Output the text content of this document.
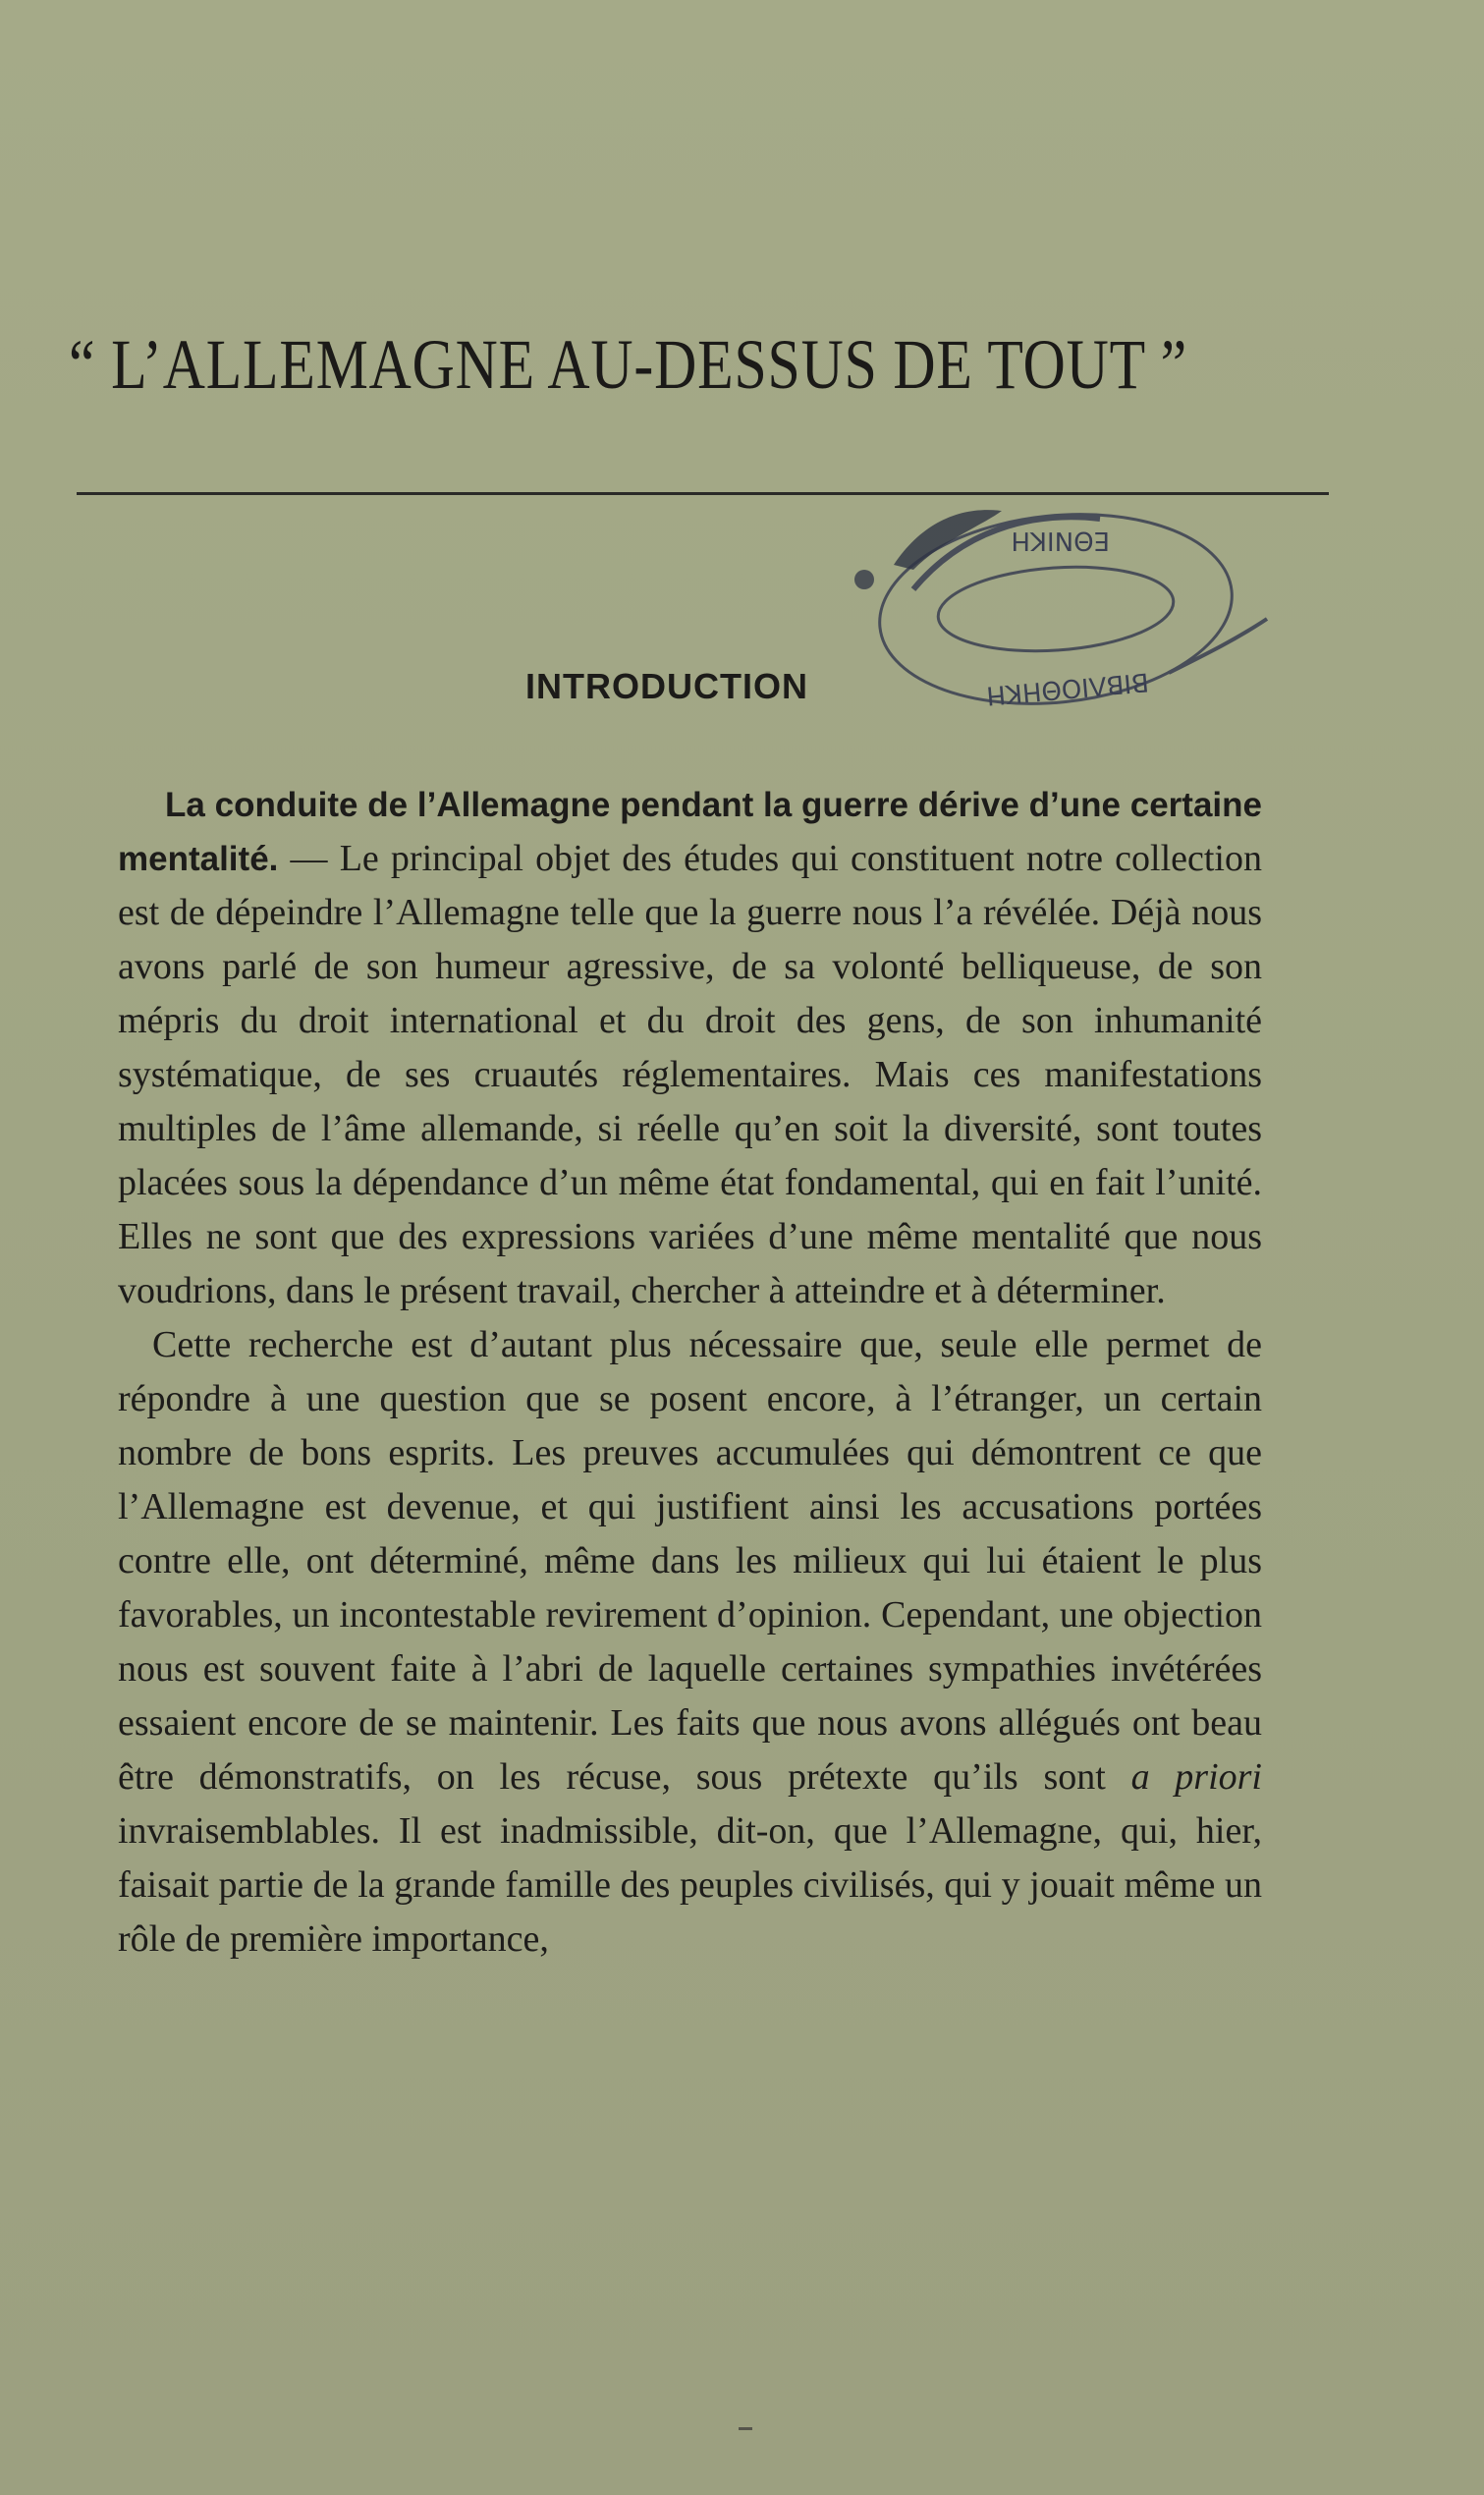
“ L’ALLEMAGNE AU-DESSUS DE TOUT ”
ΕΘΝΙΚΗ
ΒΙΒΛΙΟΘΗΚΗ
INTRODUCTION

La conduite de l’Allemagne pendant la guerre dérive d’une certaine mentalité. — Le principal objet des études qui constituent notre collection est de dépeindre l’Allemagne telle que la guerre nous l’a révélée. Déjà nous avons parlé de son humeur agressive, de sa volonté belliqueuse, de son mépris du droit international et du droit des gens, de son inhumanité systématique, de ses cruautés réglementaires. Mais ces manifestations multiples de l’âme allemande, si réelle qu’en soit la diversité, sont toutes placées sous la dépendance d’un même état fondamental, qui en fait l’unité. Elles ne sont que des expressions variées d’une même mentalité que nous voudrions, dans le présent travail, chercher à atteindre et à déterminer.

Cette recherche est d’autant plus nécessaire que, seule elle permet de répondre à une question que se posent encore, à l’étranger, un certain nombre de bons esprits. Les preuves accumulées qui démontrent ce que l’Allemagne est devenue, et qui justifient ainsi les accusations portées contre elle, ont déterminé, même dans les milieux qui lui étaient le plus favorables, un incontestable revirement d’opinion. Cependant, une objection nous est souvent faite à l’abri de laquelle certaines sympathies invétérées essaient encore de se maintenir. Les faits que nous avons allégués ont beau être démonstratifs, on les récuse, sous prétexte qu’ils sont a priori invraisemblables. Il est inadmissible, dit-on, que l’Allemagne, qui, hier, faisait partie de la grande famille des peuples civilisés, qui y jouait même un rôle de première importance,
